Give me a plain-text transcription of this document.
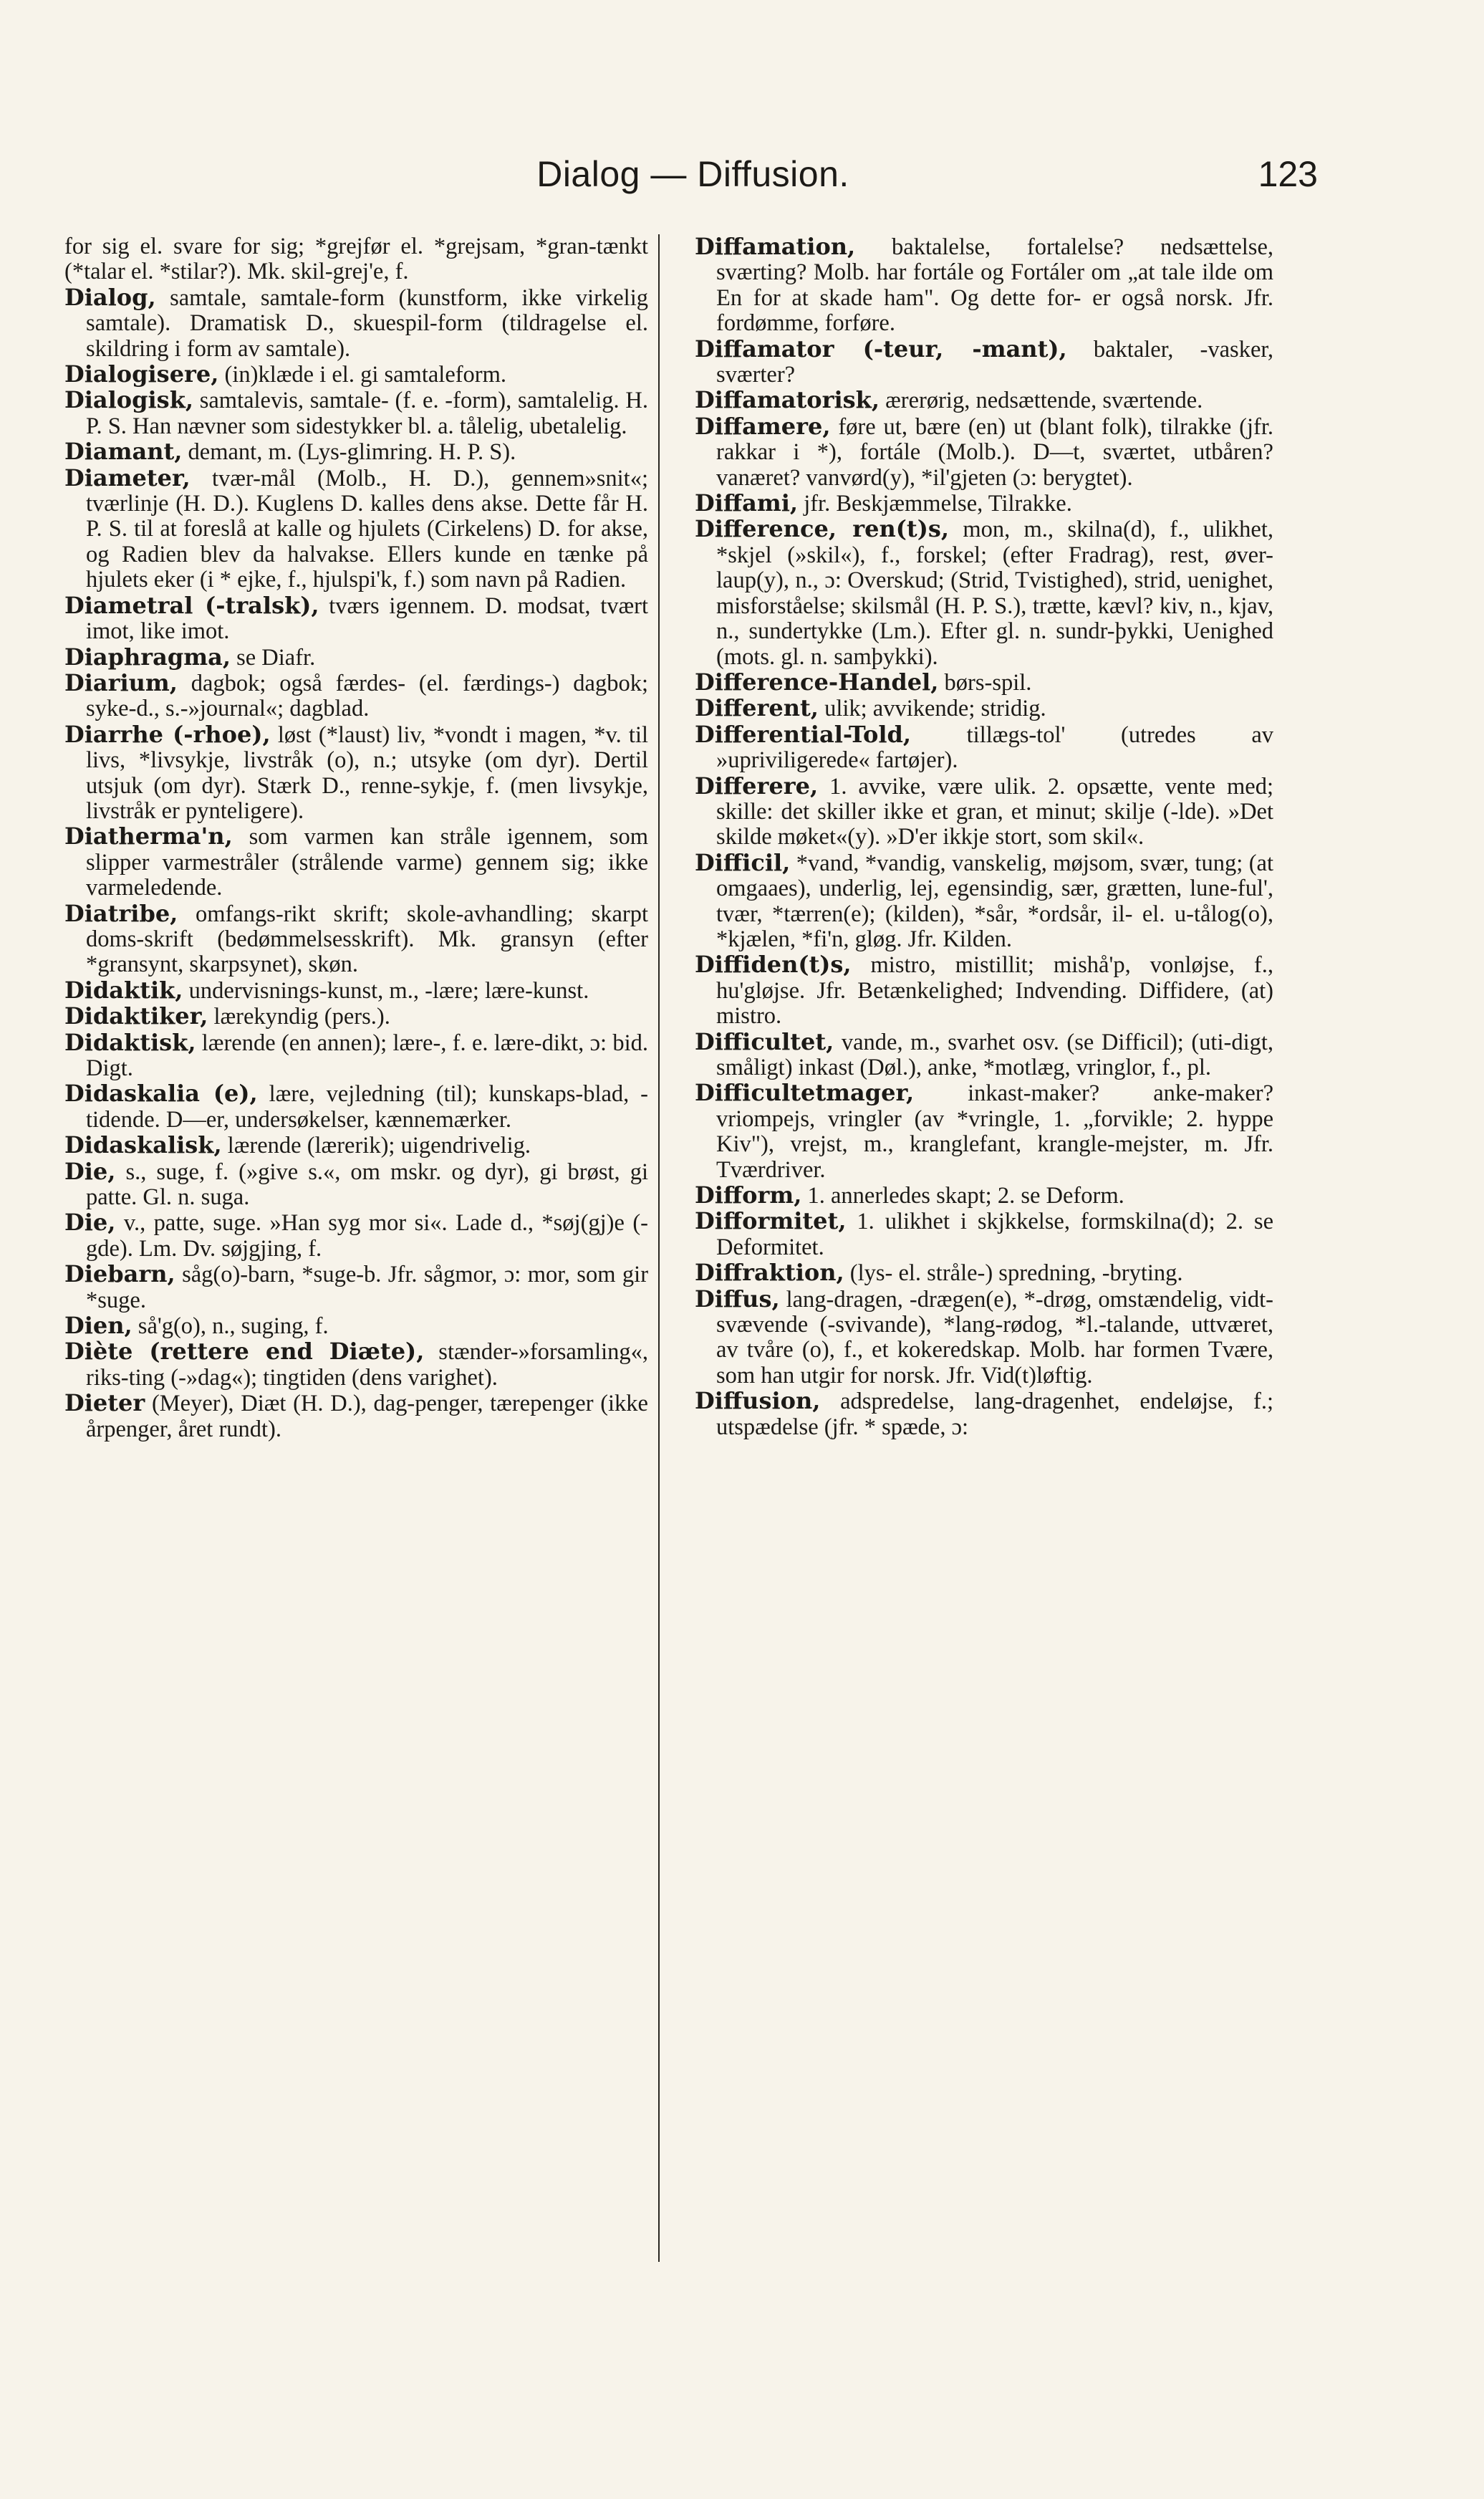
Dialog — Diffusion.	123

for sig el. svare for sig; *grejfør el. *grejsam, *gran-tænkt (*talar el. *stilar?). Mk. skil-grej'e, f.

Dialog, samtale, samtale-form (kunstform, ikke virkelig samtale). Dramatisk D., skuespil-form (tildragelse el. skildring i form av samtale).

Dialogisere, (in)klæde i el. gi samtaleform.

Dialogisk, samtalevis, samtale- (f. e. -form), samtalelig. H. P. S. Han nævner som sidestykker bl. a. tålelig, ubetalelig.

Diamant, demant, m. (Lys-glimring. H. P. S).

Diameter, tvær-mål (Molb., H. D.), gennem»snit«; tværlinje (H. D.). Kuglens D. kalles dens akse. Dette får H. P. S. til at foreslå at kalle og hjulets (Cirkelens) D. for akse, og Radien blev da halvakse. Ellers kunde en tænke på hjulets eker (i * ejke, f., hjulspi'k, f.) som navn på Radien.

Diametral (-tralsk), tværs igennem. D. modsat, tvært imot, like imot.

Diaphragma, se Diafr.

Diarium, dagbok; også færdes- (el. færdings-) dagbok; syke-d., s.-»journal«; dagblad.

Diarrhe (-rhoe), løst (*laust) liv, *vondt i magen, *v. til livs, *livsykje, livstråk (o), n.; utsyke (om dyr). Dertil utsjuk (om dyr). Stærk D., renne-sykje, f. (men livsykje, livstråk er pynteligere).

Diatherma'n, som varmen kan stråle igennem, som slipper varmestråler (strålende varme) gennem sig; ikke varmeledende.

Diatribe, omfangs-rikt skrift; skole-avhandling; skarpt doms-skrift (bedømmelsesskrift). Mk. gransyn (efter *gransynt, skarpsynet), skøn.

Didaktik, undervisnings-kunst, m., -lære; lære-kunst.

Didaktiker, lærekyndig (pers.).

Didaktisk, lærende (en annen); lære-, f. e. lære-dikt, ɔ: bid. Digt.

Didaskalia (e), lære, vejledning (til); kunskaps-blad, -tidende. D—er, undersøkelser, kænnemærker.

Didaskalisk, lærende (lærerik); uigendrivelig.

Die, s., suge, f. (»give s.«, om mskr. og dyr), gi brøst, gi patte. Gl. n. suga.

Die, v., patte, suge. »Han syg mor si«. Lade d., *søj(gj)e (-gde). Lm. Dv. søjgjing, f.

Diebarn, såg(o)-barn, *suge-b. Jfr. sågmor, ɔ: mor, som gir *suge.

Dien, så'g(o), n., suging, f.

Diète (rettere end Diæte), stænder-»forsamling«, riks-ting (-»dag«); tingtiden (dens varighet).

Dieter (Meyer), Diæt (H. D.), dag-penger, tærepenger (ikke årpenger, året rundt).

Diffamation, baktalelse, fortalelse? nedsættelse, sværting? Molb. har fortále og Fortáler om „at tale ilde om En for at skade ham". Og dette for- er også norsk. Jfr. fordømme, forføre.

Diffamator (-teur, -mant), baktaler, -vasker, sværter?

Diffamatorisk, ærerørig, nedsættende, sværtende.

Diffamere, føre ut, bære (en) ut (blant folk), tilrakke (jfr. rakkar i *), fortále (Molb.). D—t, sværtet, utbåren? vanæret? vanvørd(y), *il'gjeten (ɔ: berygtet).

Diffami, jfr. Beskjæmmelse, Tilrakke.

Difference, ren(t)s, mon, m., skilna(d), f., ulikhet, *skjel (»skil«), f., forskel; (efter Fradrag), rest, øver-laup(y), n., ɔ: Overskud; (Strid, Tvistighed), strid, uenighet, misforståelse; skilsmål (H. P. S.), trætte, kævl? kiv, n., kjav, n., sundertykke (Lm.). Efter gl. n. sundr-þykki, Uenighed (mots. gl. n. samþykki).

Difference-Handel, børs-spil.

Different, ulik; avvikende; stridig.

Differential-Told, tillægs-tol' (utredes av »upriviligerede« fartøjer).

Differere, 1. avvike, være ulik. 2. opsætte, vente med; skille: det skiller ikke et gran, et minut; skilje (-lde). »Det skilde møket«(y). »D'er ikkje stort, som skil«.

Difficil, *vand, *vandig, vanskelig, møjsom, svær, tung; (at omgaaes), underlig, lej, egensindig, sær, grætten, lune-ful', tvær, *tærren(e); (kilden), *sår, *ordsår, il- el. u-tålog(o), *kjælen, *fi'n, gløg. Jfr. Kilden.

Diffiden(t)s, mistro, mistillit; mishå'p, vonløjse, f., hu'gløjse. Jfr. Betænkelighed; Indvending. Diffidere, (at) mistro.

Difficultet, vande, m., svarhet osv. (se Difficil); (uti-digt, småligt) inkast (Døl.), anke, *motlæg, vringlor, f., pl.

Difficultetmager, inkast-maker? anke-maker? vriompejs, vringler (av *vringle, 1. „forvikle; 2. hyppe Kiv"), vrejst, m., kranglefant, krangle-mejster, m. Jfr. Tværdriver.

Difform, 1. annerledes skapt; 2. se Deform.

Difformitet, 1. ulikhet i skjkkelse, formskilna(d); 2. se Deformitet.

Diffraktion, (lys- el. stråle-) spredning, -bryting.

Diffus, lang-dragen, -drægen(e), *-drøg, omstændelig, vidt-svævende (-svivande), *lang-rødog, *l.-talande, uttværet, av tvåre (o), f., et kokeredskap. Molb. har formen Tvære, som han utgir for norsk. Jfr. Vid(t)løftig.

Diffusion, adspredelse, lang-dragenhet, endeløjse, f.; utspædelse (jfr. * spæde, ɔ:
